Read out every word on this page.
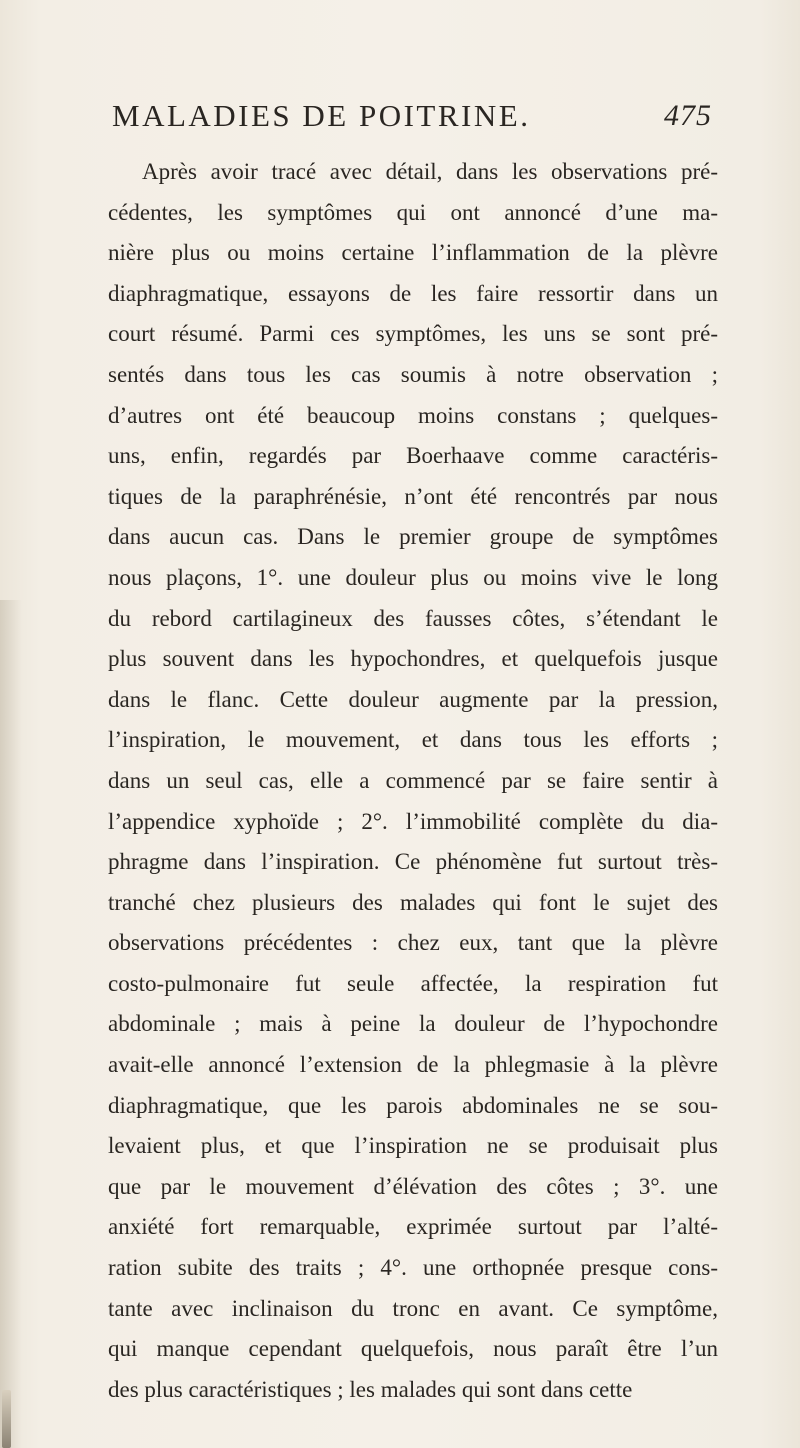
MALADIES DE POITRINE.	475
Après avoir tracé avec détail, dans les observations pré-
cédentes, les symptômes qui ont annoncé d’une ma-
nière plus ou moins certaine l’inflammation de la plèvre
diaphragmatique, essayons de les faire ressortir dans un
court résumé. Parmi ces symptômes, les uns se sont pré-
sentés dans tous les cas soumis à notre observation ;
d’autres ont été beaucoup moins constans ; quelques-
uns, enfin, regardés par Boerhaave comme caractéris-
tiques de la paraphrénésie, n’ont été rencontrés par nous
dans aucun cas. Dans le premier groupe de symptômes
nous plaçons, 1°. une douleur plus ou moins vive le long
du rebord cartilagineux des fausses côtes, s’étendant le
plus souvent dans les hypochondres, et quelquefois jusque
dans le flanc. Cette douleur augmente par la pression,
l’inspiration, le mouvement, et dans tous les efforts ;
dans un seul cas, elle a commencé par se faire sentir à
l’appendice xyphoïde ; 2°. l’immobilité complète du dia-
phragme dans l’inspiration. Ce phénomène fut surtout très-
tranché chez plusieurs des malades qui font le sujet des
observations précédentes : chez eux, tant que la plèvre
costo-pulmonaire fut seule affectée, la respiration fut
abdominale ; mais à peine la douleur de l’hypochondre
avait-elle annoncé l’extension de la phlegmasie à la plèvre
diaphragmatique, que les parois abdominales ne se sou-
levaient plus, et que l’inspiration ne se produisait plus
que par le mouvement d’élévation des côtes ; 3°. une
anxiété fort remarquable, exprimée surtout par l’alté-
ration subite des traits ; 4°. une orthopnée presque cons-
tante avec inclinaison du tronc en avant. Ce symptôme,
qui manque cependant quelquefois, nous paraît être l’un
des plus caractéristiques ; les malades qui sont dans cette
